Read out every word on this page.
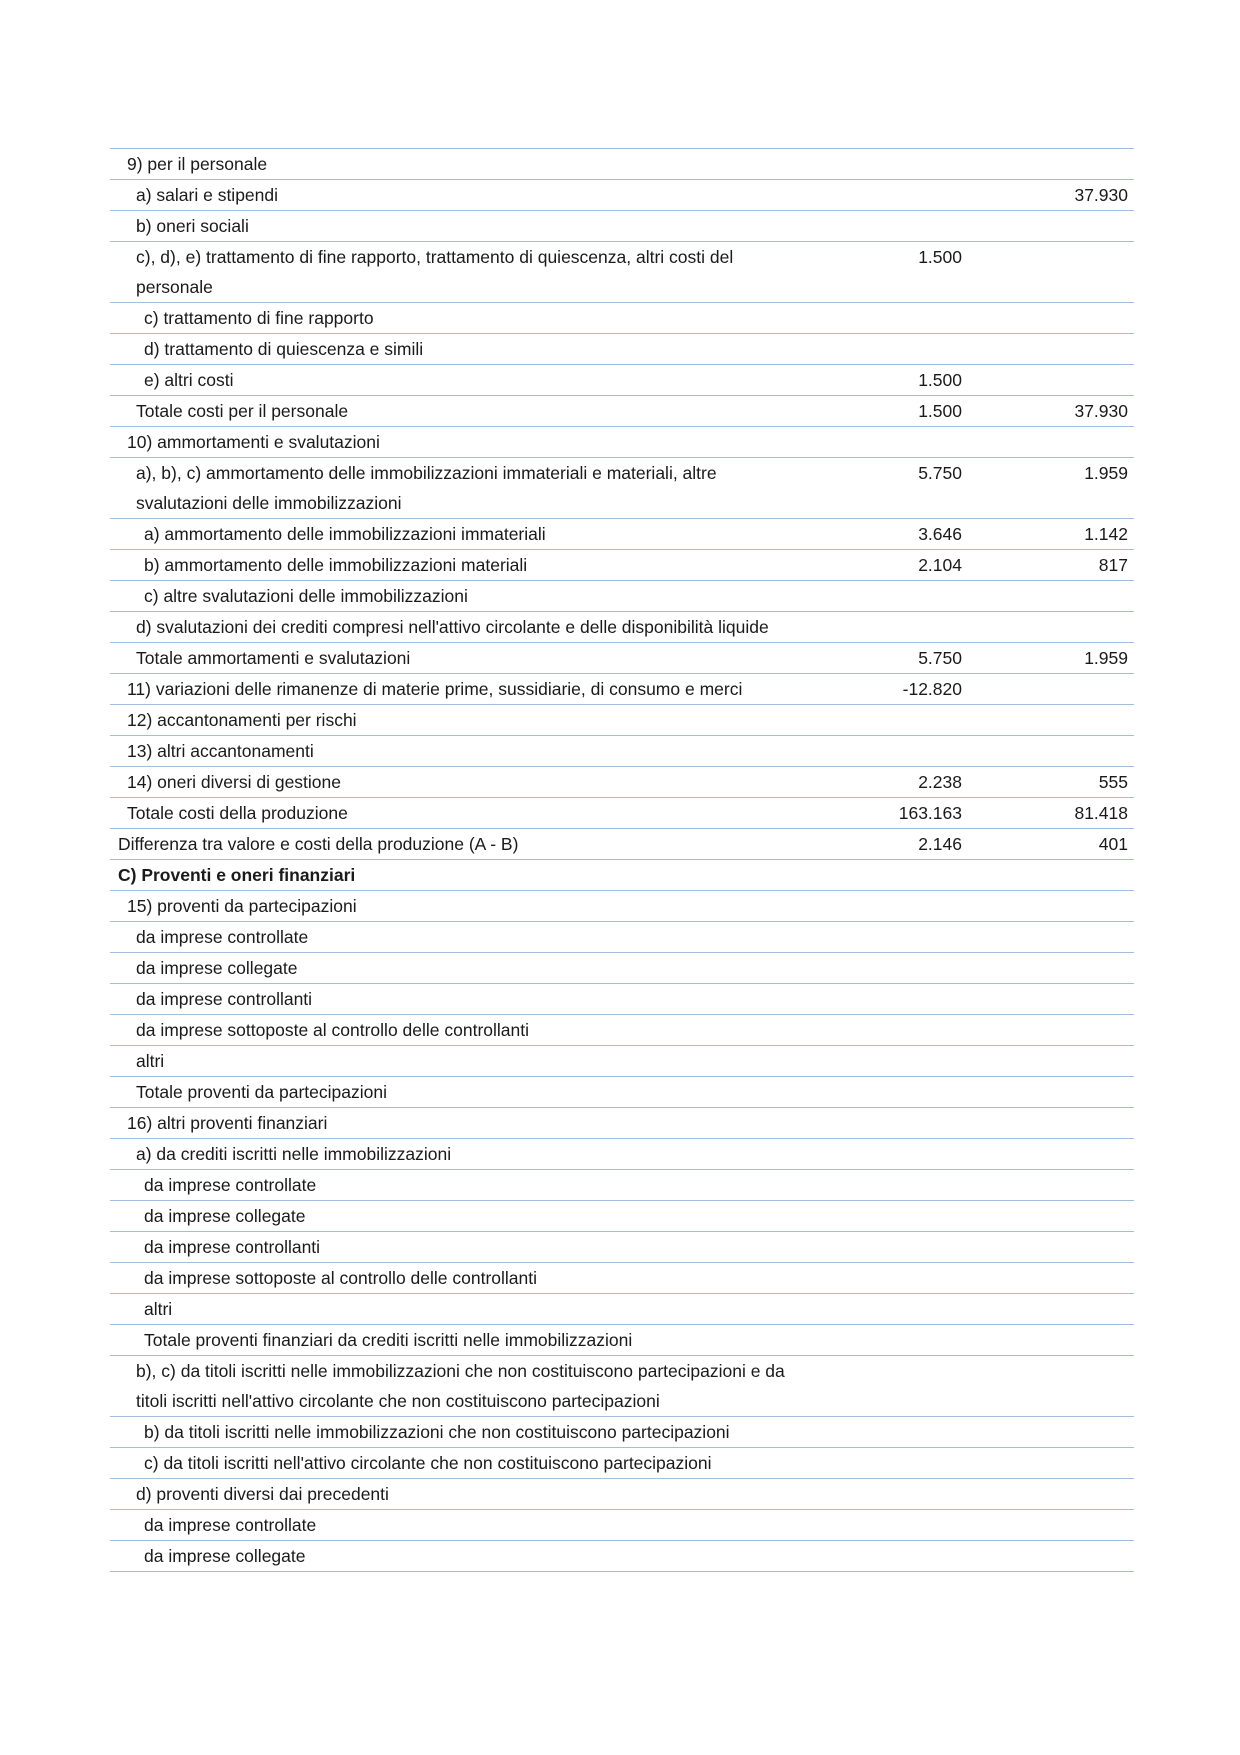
9) per il personale		
a) salari e stipendi		37.930
b) oneri sociali		
c), d), e) trattamento di fine rapporto, trattamento di quiescenza, altri costi del personale	1.500	
c) trattamento di fine rapporto		
d) trattamento di quiescenza e simili		
e) altri costi	1.500	
Totale costi per il personale	1.500	37.930
10) ammortamenti e svalutazioni		
a), b), c) ammortamento delle immobilizzazioni immateriali e materiali, altre svalutazioni delle immobilizzazioni	5.750	1.959
a) ammortamento delle immobilizzazioni immateriali	3.646	1.142
b) ammortamento delle immobilizzazioni materiali	2.104	817
c) altre svalutazioni delle immobilizzazioni		
d) svalutazioni dei crediti compresi nell'attivo circolante e delle disponibilità liquide		
Totale ammortamenti e svalutazioni	5.750	1.959
11) variazioni delle rimanenze di materie prime, sussidiarie, di consumo e merci	-12.820	
12) accantonamenti per rischi		
13) altri accantonamenti		
14) oneri diversi di gestione	2.238	555
Totale costi della produzione	163.163	81.418
Differenza tra valore e costi della produzione (A - B)	2.146	401
C) Proventi e oneri finanziari		
15) proventi da partecipazioni		
da imprese controllate		
da imprese collegate		
da imprese controllanti		
da imprese sottoposte al controllo delle controllanti		
altri		
Totale proventi da partecipazioni		
16) altri proventi finanziari		
a) da crediti iscritti nelle immobilizzazioni		
da imprese controllate		
da imprese collegate		
da imprese controllanti		
da imprese sottoposte al controllo delle controllanti		
altri		
Totale proventi finanziari da crediti iscritti nelle immobilizzazioni		
b), c) da titoli iscritti nelle immobilizzazioni che non costituiscono partecipazioni e da titoli iscritti nell'attivo circolante che non costituiscono partecipazioni		
b) da titoli iscritti nelle immobilizzazioni che non costituiscono partecipazioni		
c) da titoli iscritti nell'attivo circolante che non costituiscono partecipazioni		
d) proventi diversi dai precedenti		
da imprese controllate		
da imprese collegate		
